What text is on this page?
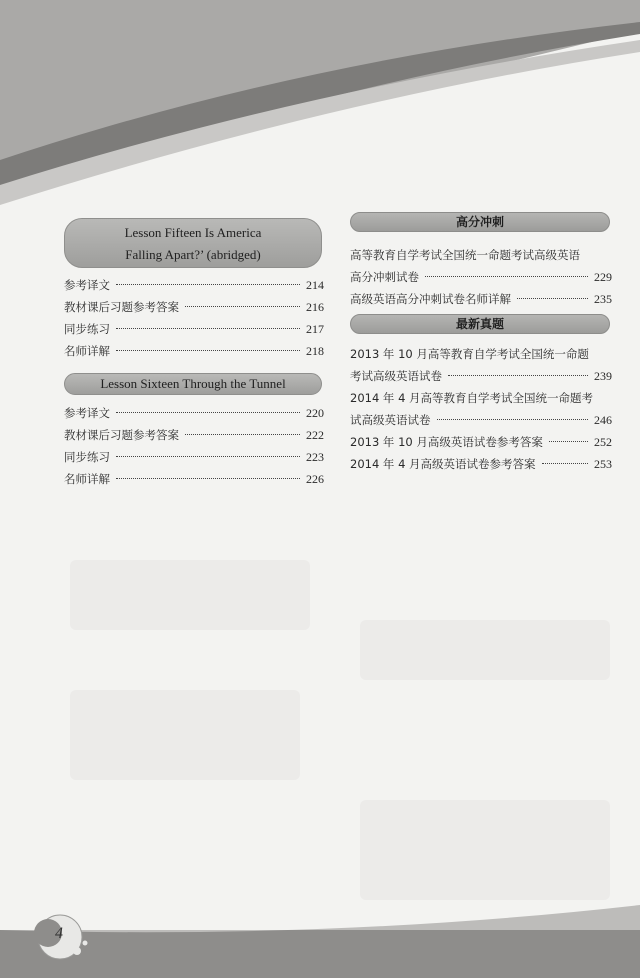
Lesson Fifteen Is America
Falling Apart?’ (abridged)
参考译文	214
教材课后习题参考答案	216
同步练习	217
名师详解	218
Lesson Sixteen Through the Tunnel
参考译文	220
教材课后习题参考答案	222
同步练习	223
名师详解	226
高分冲刺
高等教育自学考试全国统一命题考试高级英语
高分冲刺试卷	229
高级英语高分冲刺试卷名师详解	235
最新真题
2013 年 10 月高等教育自学考试全国统一命题
考试高级英语试卷	239
2014 年 4 月高等教育自学考试全国统一命题考
试高级英语试卷	246
2013 年 10 月高级英语试卷参考答案	252
2014 年 4 月高级英语试卷参考答案	253
4
